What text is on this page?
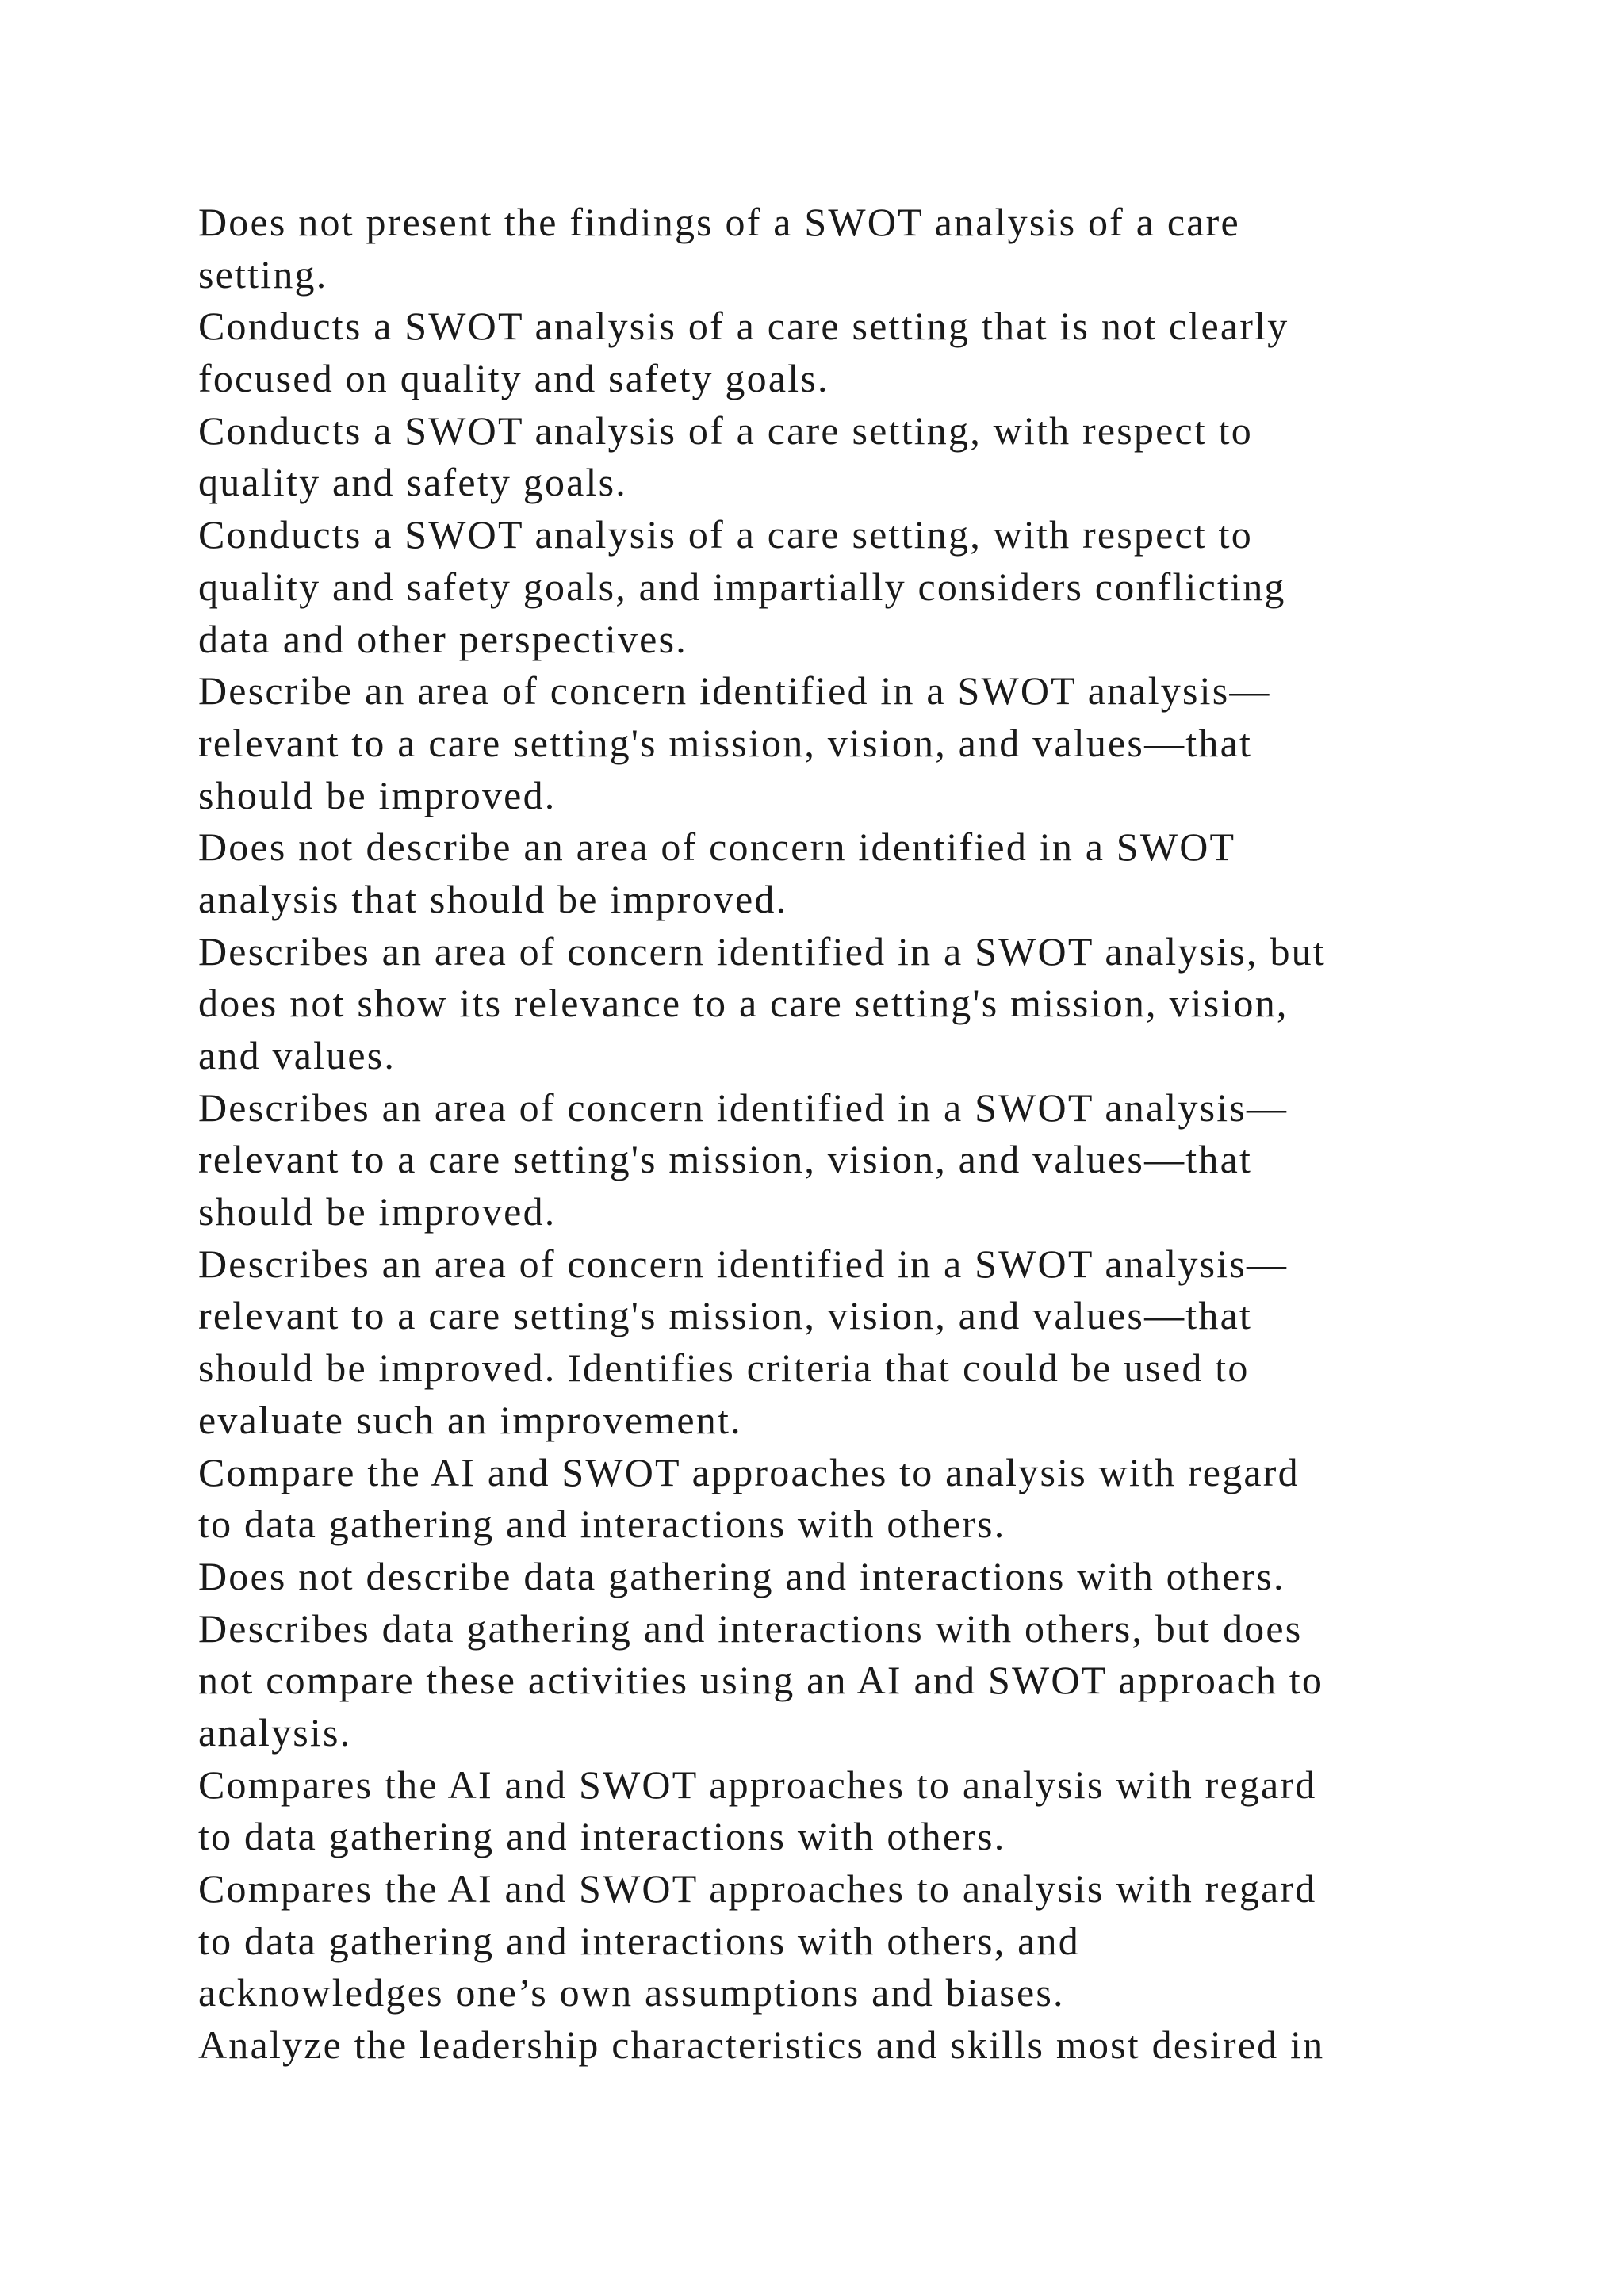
Does not present the findings of a SWOT analysis of a care
setting.
Conducts a SWOT analysis of a care setting that is not clearly
focused on quality and safety goals.
Conducts a SWOT analysis of a care setting, with respect to
quality and safety goals.
Conducts a SWOT analysis of a care setting, with respect to
quality and safety goals, and impartially considers conflicting
data and other perspectives.
Describe an area of concern identified in a SWOT analysis—
relevant to a care setting's mission, vision, and values—that
should be improved.
Does not describe an area of concern identified in a SWOT
analysis that should be improved.
Describes an area of concern identified in a SWOT analysis, but
does not show its relevance to a care setting's mission, vision,
and values.
Describes an area of concern identified in a SWOT analysis—
relevant to a care setting's mission, vision, and values—that
should be improved.
Describes an area of concern identified in a SWOT analysis—
relevant to a care setting's mission, vision, and values—that
should be improved. Identifies criteria that could be used to
evaluate such an improvement.
Compare the AI and SWOT approaches to analysis with regard
to data gathering and interactions with others.
Does not describe data gathering and interactions with others.
Describes data gathering and interactions with others, but does
not compare these activities using an AI and SWOT approach to
analysis.
Compares the AI and SWOT approaches to analysis with regard
to data gathering and interactions with others.
Compares the AI and SWOT approaches to analysis with regard
to data gathering and interactions with others, and
acknowledges one’s own assumptions and biases.
Analyze the leadership characteristics and skills most desired in
